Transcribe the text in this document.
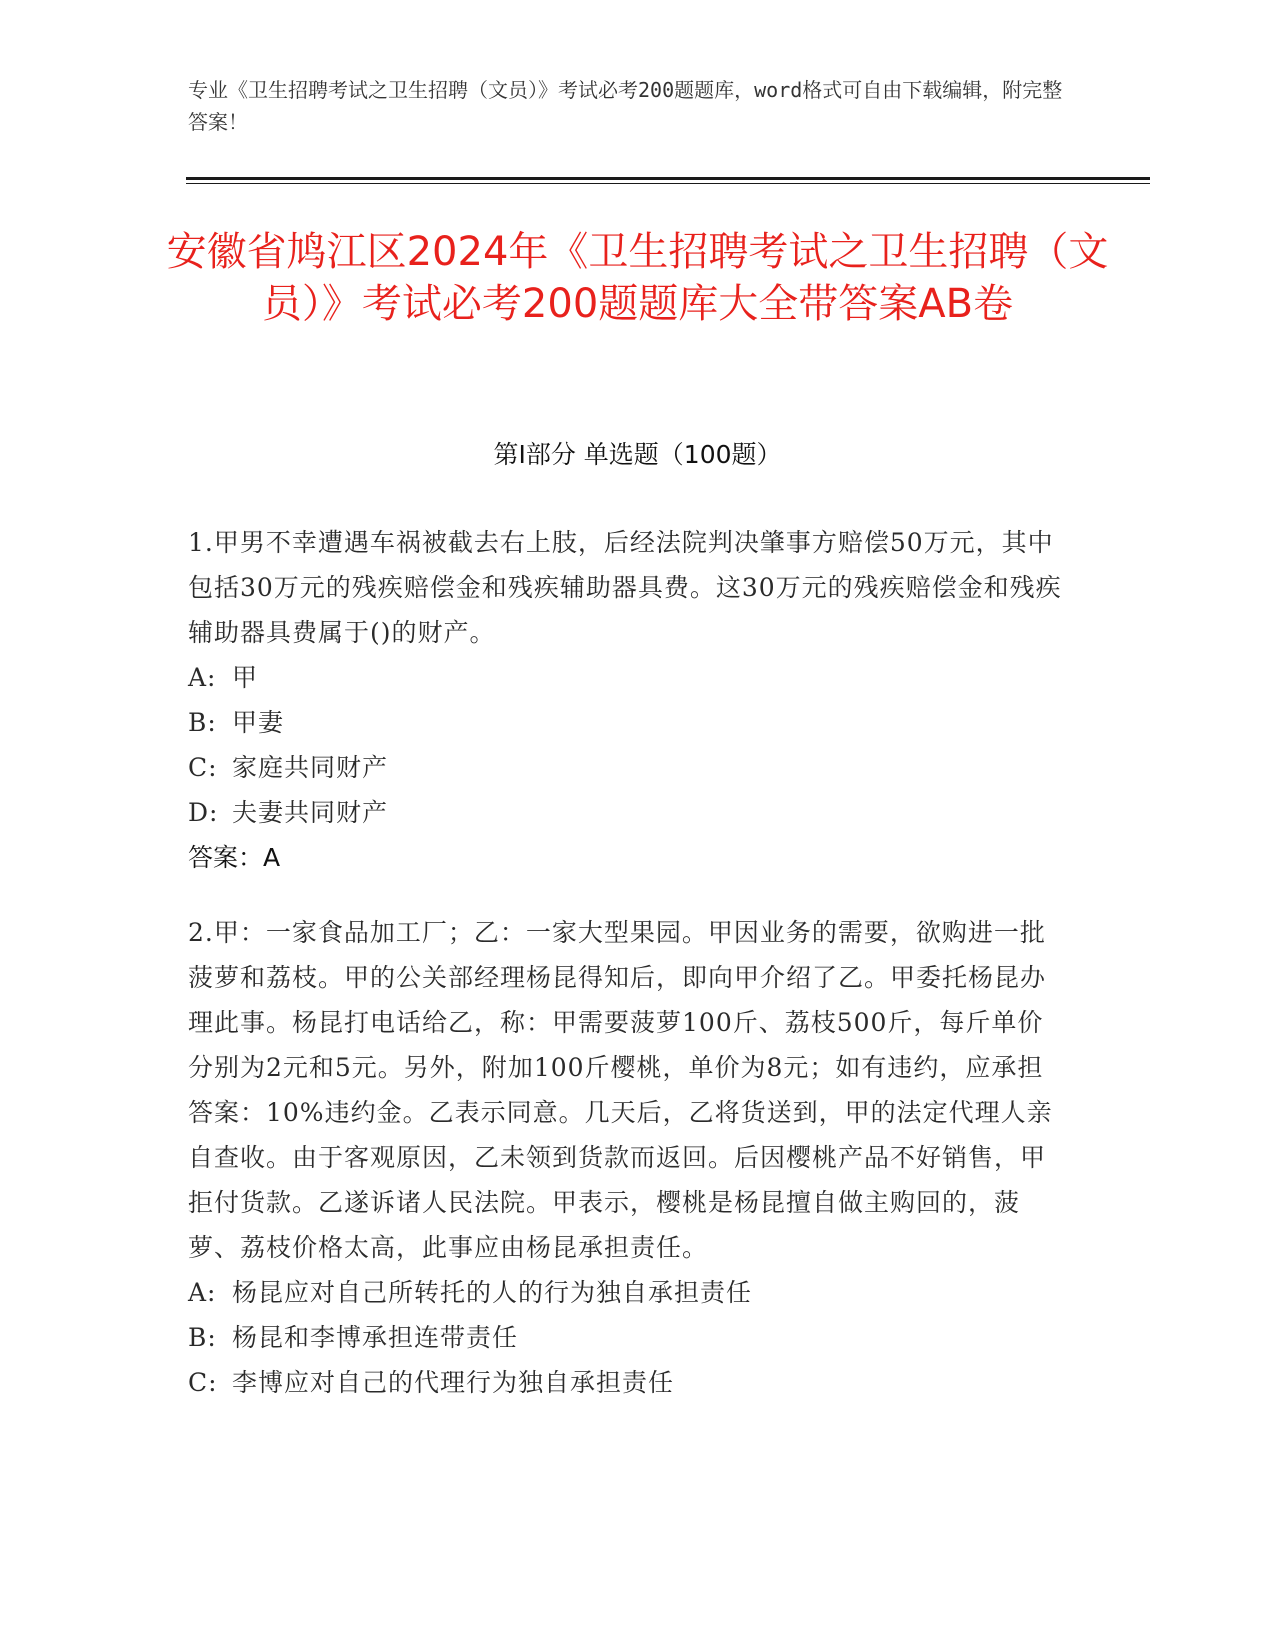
专业《卫生招聘考试之卫生招聘（文员）》考试必考200题题库，word格式可自由下载编辑，附完整答案！
安徽省鸠江区2024年《卫生招聘考试之卫生招聘（文员）》考试必考200题题库大全带答案AB卷
第Ⅰ部分 单选题（100题）
1.甲男不幸遭遇车祸被截去右上肢，后经法院判决肇事方赔偿50万元，其中包括30万元的残疾赔偿金和残疾辅助器具费。这30万元的残疾赔偿金和残疾辅助器具费属于()的财产。
A: 甲
B: 甲妻
C: 家庭共同财产
D: 夫妻共同财产
答案：A
2.甲：一家食品加工厂；乙：一家大型果园。甲因业务的需要，欲购进一批菠萝和荔枝。甲的公关部经理杨昆得知后，即向甲介绍了乙。甲委托杨昆办理此事。杨昆打电话给乙，称：甲需要菠萝100斤、荔枝500斤，每斤单价分别为2元和5元。另外，附加100斤樱桃，单价为8元；如有违约，应承担答案：10%违约金。乙表示同意。几天后，乙将货送到，甲的法定代理人亲自查收。由于客观原因，乙未领到货款而返回。后因樱桃产品不好销售，甲拒付货款。乙遂诉诸人民法院。甲表示，樱桃是杨昆擅自做主购回的，菠萝、荔枝价格太高，此事应由杨昆承担责任。
A: 杨昆应对自己所转托的人的行为独自承担责任
B: 杨昆和李博承担连带责任
C: 李博应对自己的代理行为独自承担责任
